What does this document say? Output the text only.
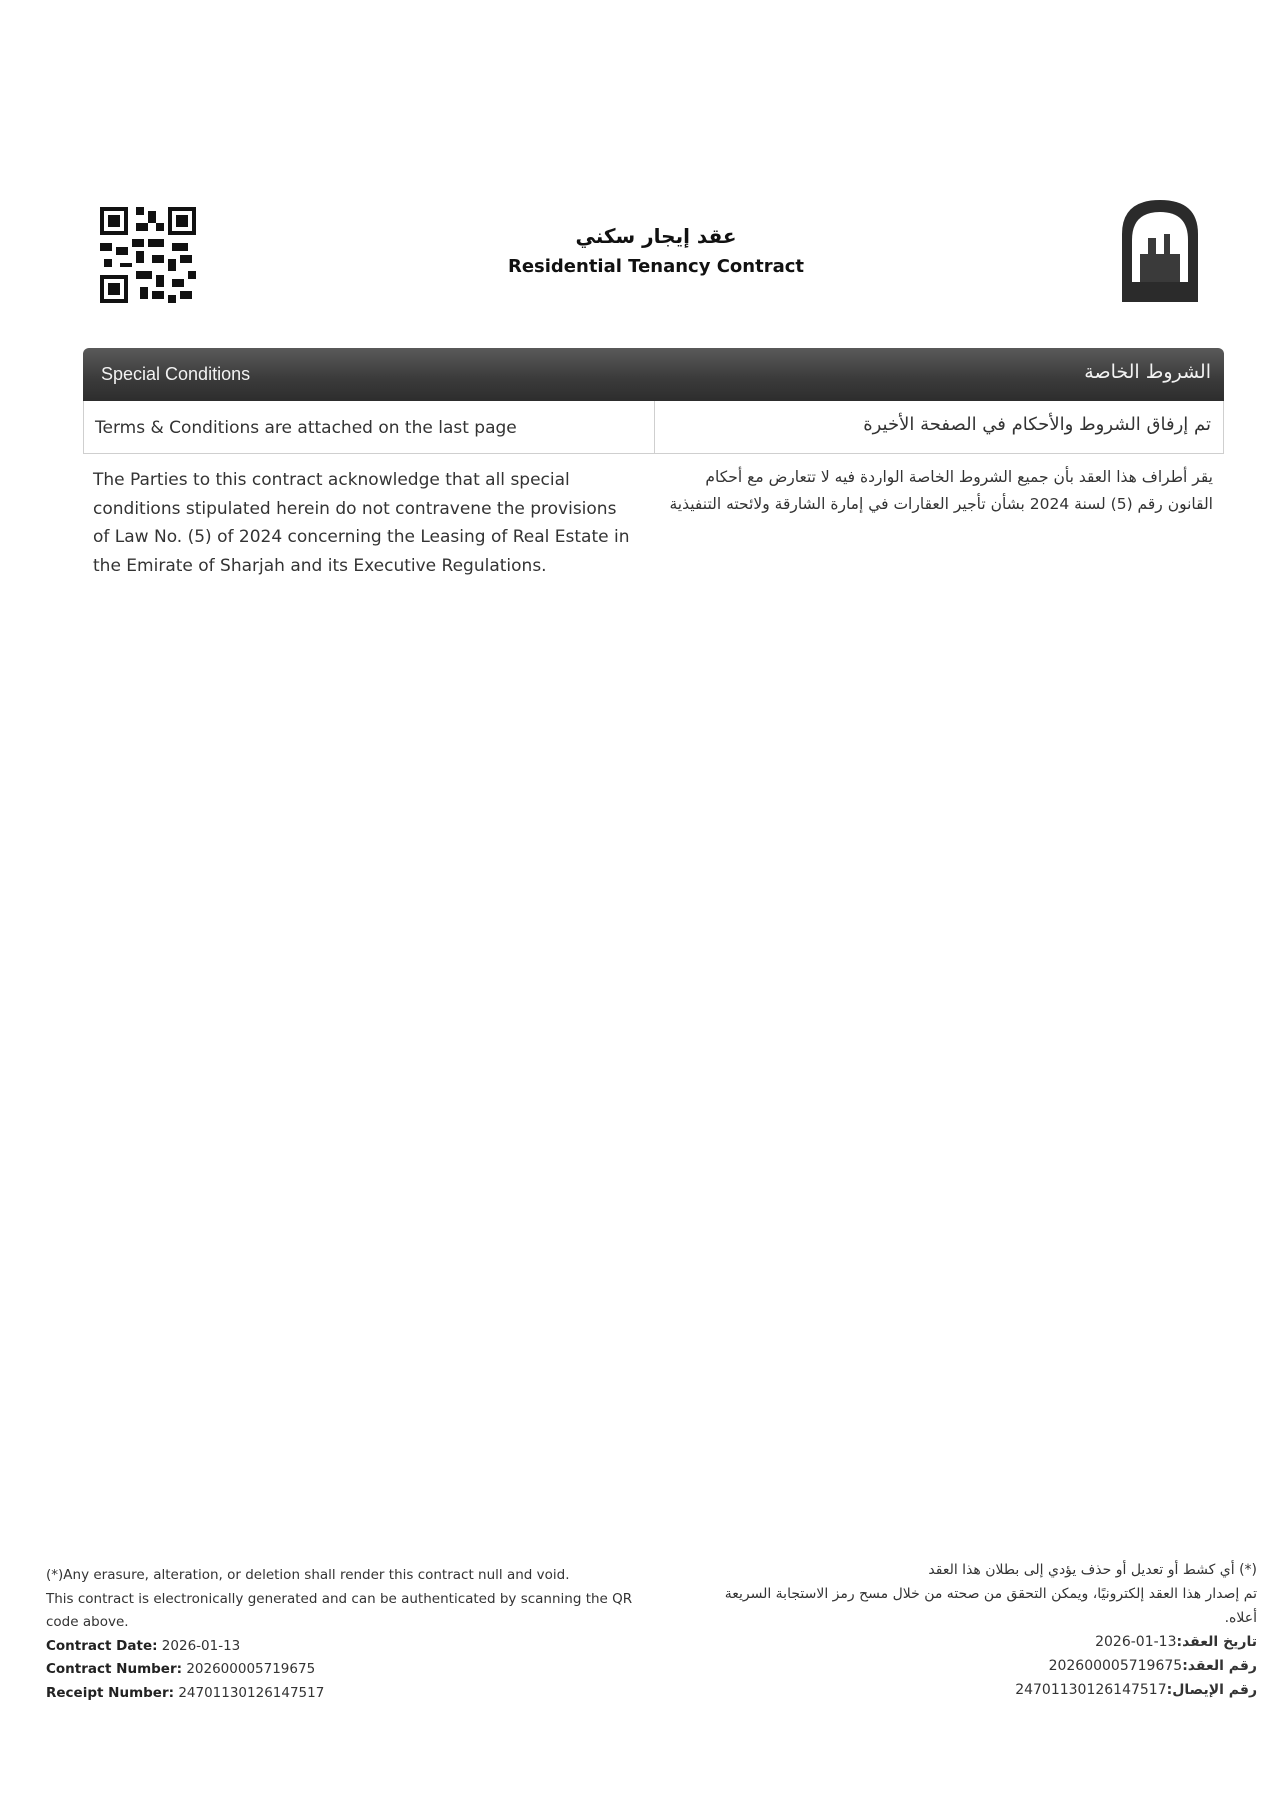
عقد إيجار سكني
Residential Tenancy Contract
Special Conditions	الشروط الخاصة
Terms & Conditions are attached on the last page	تم إرفاق الشروط والأحكام في الصفحة الأخيرة
The Parties to this contract acknowledge that all special conditions stipulated herein do not contravene the provisions of Law No. (5) of 2024 concerning the Leasing of Real Estate in the Emirate of Sharjah and its Executive Regulations.
يقر أطراف هذا العقد بأن جميع الشروط الخاصة الواردة فيه لا تتعارض مع أحكام القانون رقم (5) لسنة 2024 بشأن تأجير العقارات في إمارة الشارقة ولائحته التنفيذية

(*)Any erasure, alteration, or deletion shall render this contract null and void.

This contract is electronically generated and can be authenticated by scanning the QR code above.

Contract Date: 2026-01-13

Contract Number: 202600005719675

Receipt Number: 24701130126147517

(*) أي كشط أو تعديل أو حذف يؤدي إلى بطلان هذا العقد

تم إصدار هذا العقد إلكترونيًا، ويمكن التحقق من صحته من خلال مسح رمز الاستجابة السريعة أعلاه.

تاريخ العقد:2026-01-13

رقم العقد:202600005719675

رقم الإيصال:24701130126147517
